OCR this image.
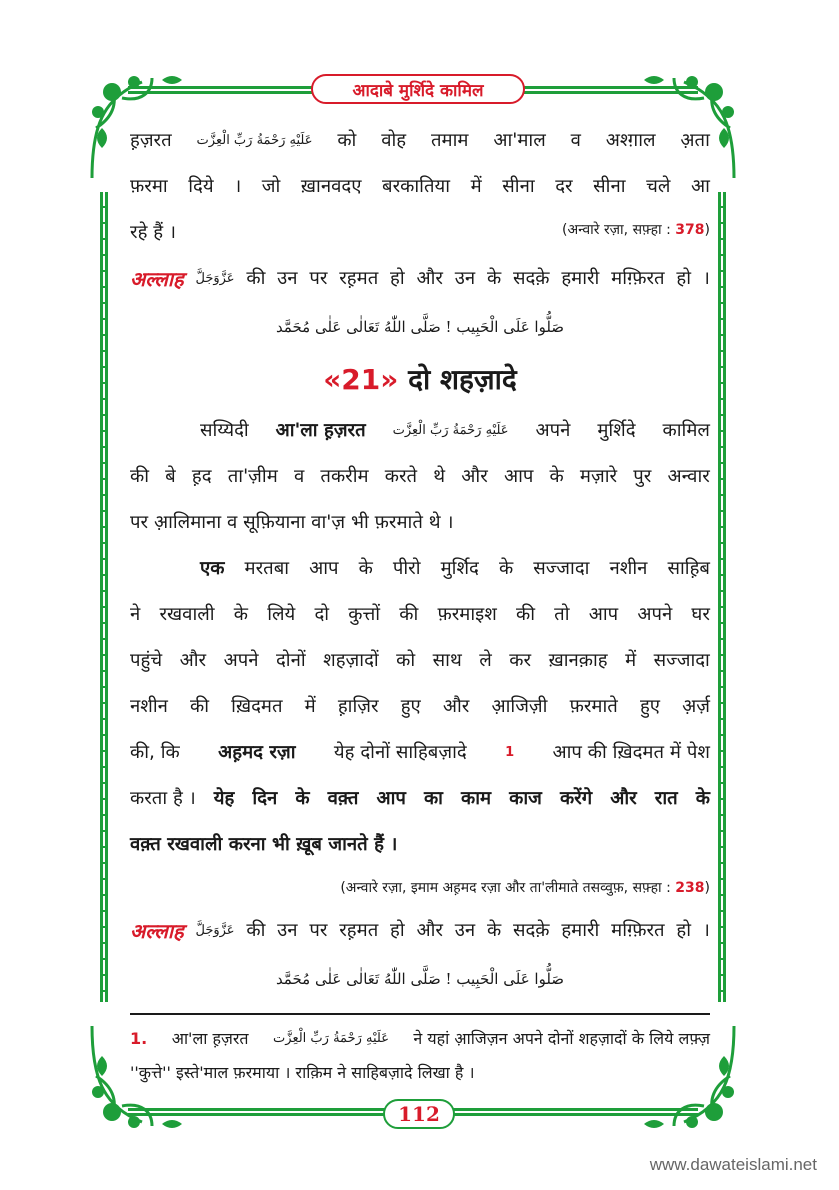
आदाबे मुर्शिदे कामिल
ह़ज़रत عَلَيْهِ رَحْمَةُ رَبِّ الْعِزَّت को वोह तमाम आ'माल व अश्ग़ाल अ़ता
फ़रमा दिये । जो ख़ानवदए बरकातिया में सीना दर सीना चले आ
रहे हैं ।	(अन्वारे रज़ा, सफ़्हा : 378)
अल्लाह عَزَّوَجَلَّ की उन पर रह़मत हो और उन के सदक़े हमारी मग़्फ़िरत हो ।
صَلُّوا عَلَی الْحَبِيب ! صَلَّی اللّٰهُ تَعَالٰی عَلٰی مُحَمَّد
«21» दो शहज़ादे
सय्यिदी आ'ला ह़ज़रत عَلَيْهِ رَحْمَةُ رَبِّ الْعِزَّت अपने मुर्शिदे कामिल
की बे ह़द ता'ज़ीम व तकरीम करते थे और आप के मज़ारे पुर अन्वार
पर आ़लिमाना व सूफ़ियाना वा'ज़ भी फ़रमाते थे ।
एक मरतबा आप के पीरो मुर्शिद के सज्जादा नशीन साह़िब
ने रखवाली के लिये दो कुत्तों की फ़रमाइश की तो आप अपने घर
पहुंचे और अपने दोनों शहज़ादों को साथ ले कर ख़ानक़ाह में सज्जादा
नशीन की ख़िदमत में ह़ाज़िर हुए और आ़जिज़ी फ़रमाते हुए अ़र्ज़
की, कि अह़मद रज़ा येह दोनों साहिबज़ादे	1 आप की ख़िदमत में पेश
करता है । येह दिन के वक़्त आप का काम काज करेंगे और रात के
वक़्त रखवाली करना भी ख़ूब जानते हैं ।
(अन्वारे रज़ा, इमाम अह़मद रज़ा और ता'लीमाते तसव्वुफ़, सफ़्हा : 238)
अल्लाह عَزَّوَجَلَّ की उन पर रह़मत हो और उन के सदक़े हमारी मग़्फ़िरत हो ।
صَلُّوا عَلَی الْحَبِيب ! صَلَّی اللّٰهُ تَعَالٰی عَلٰی مُحَمَّد
1. आ'ला ह़ज़रत عَلَيْهِ رَحْمَةُ رَبِّ الْعِزَّت ने यहां आ़जिज़न अपने दोनों शहज़ादों के लिये लफ़्ज़
''कुत्ते'' इस्ते'माल फ़रमाया । राक़िम ने साहिबज़ादे लिखा है ।
112
www.dawateislami.net
